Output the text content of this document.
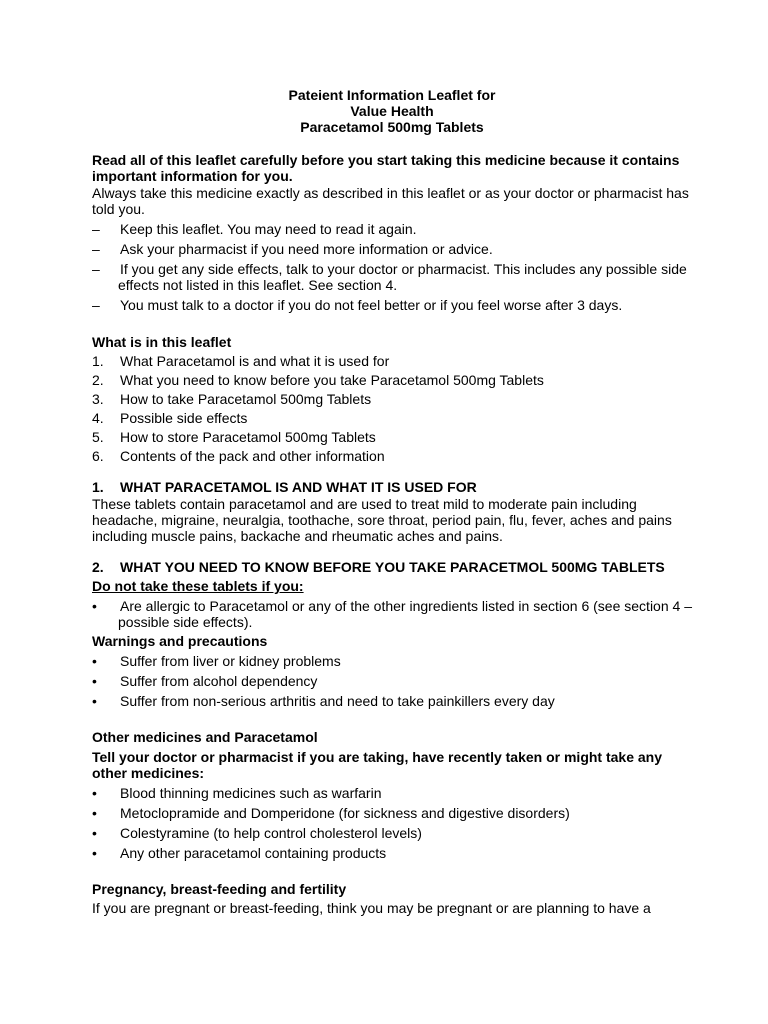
Pateient Information Leaflet for
Value Health
Paracetamol 500mg Tablets
Read all of this leaflet carefully before you start taking this medicine because it contains important information for you.
Always take this medicine exactly as described in this leaflet or as your doctor or pharmacist has told you.
–	Keep this leaflet. You may need to read it again.
–	Ask your pharmacist if you need more information or advice.
–	If you get any side effects, talk to your doctor or pharmacist. This includes any possible side effects not listed in this leaflet. See section 4.
–	You must talk to a doctor if you do not feel better or if you feel worse after 3 days.
What is in this leaflet
1.	What Paracetamol is and what it is used for
2.	What you need to know before you take Paracetamol 500mg Tablets
3.	How to take Paracetamol 500mg Tablets
4.	Possible side effects
5.	How to store Paracetamol 500mg Tablets
6.	Contents of the pack and other information
1.	WHAT PARACETAMOL IS AND WHAT IT IS USED FOR
These tablets contain paracetamol and are used to treat mild to moderate pain including headache, migraine, neuralgia, toothache, sore throat, period pain, flu, fever, aches and pains including muscle pains, backache and rheumatic aches and pains.
2.	WHAT YOU NEED TO KNOW BEFORE YOU TAKE PARACETMOL 500MG TABLETS
Do not take these tablets if you:
•	Are allergic to Paracetamol or any of the other ingredients listed in section 6 (see section 4 – possible side effects).
Warnings and precautions
•	Suffer from liver or kidney problems
•	Suffer from alcohol dependency
•	Suffer from non-serious arthritis and need to take painkillers every day
Other medicines and Paracetamol
Tell your doctor or pharmacist if you are taking, have recently taken or might take any other medicines:
•	Blood thinning medicines such as warfarin
•	Metoclopramide and Domperidone (for sickness and digestive disorders)
•	Colestyramine (to help control cholesterol levels)
•	Any other paracetamol containing products
Pregnancy, breast-feeding and fertility
If you are pregnant or breast-feeding, think you may be pregnant or are planning to have a
